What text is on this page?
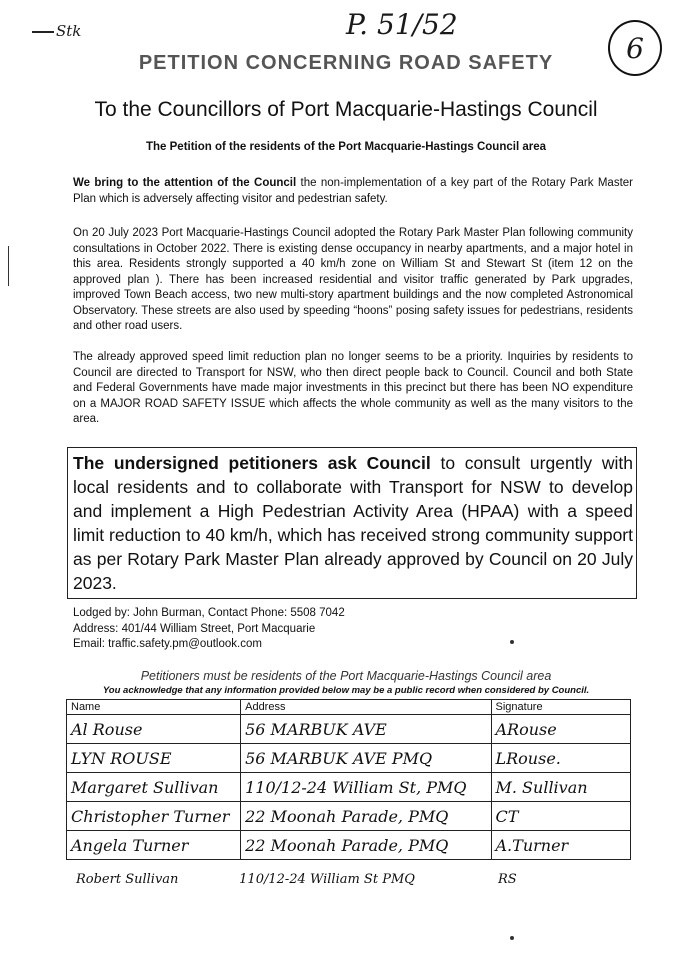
Stk	P. 51/52
6
PETITION CONCERNING ROAD SAFETY
To the Councillors of Port Macquarie-Hastings Council
The Petition of the residents of the Port Macquarie-Hastings Council area
We bring to the attention of the Council the non-implementation of a key part of the Rotary Park Master Plan which is adversely affecting visitor and pedestrian safety.
On 20 July 2023 Port Macquarie-Hastings Council adopted the Rotary Park Master Plan following community consultations in October 2022. There is existing dense occupancy in nearby apartments, and a major hotel in this area. Residents strongly supported a 40 km/h zone on William St and Stewart St (item 12 on the approved plan ). There has been increased residential and visitor traffic generated by Park upgrades, improved Town Beach access, two new multi-story apartment buildings and the now completed Astronomical Observatory. These streets are also used by speeding “hoons” posing safety issues for pedestrians, residents and other road users.
The already approved speed limit reduction plan no longer seems to be a priority. Inquiries by residents to Council are directed to Transport for NSW, who then direct people back to Council. Council and both State and Federal Governments have made major investments in this precinct but there has been NO expenditure on a MAJOR ROAD SAFETY ISSUE which affects the whole community as well as the many visitors to the area.
The undersigned petitioners ask Council to consult urgently with local residents and to collaborate with Transport for NSW to develop and implement a High Pedestrian Activity Area (HPAA) with a speed limit reduction to 40 km/h, which has received strong community support as per Rotary Park Master Plan already approved by Council on 20 July 2023.
Lodged by: John Burman, Contact Phone: 5508 7042
Address: 401/44 William Street, Port Macquarie
Email: traffic.safety.pm@outlook.com
Petitioners must be residents of the Port Macquarie-Hastings Council area
You acknowledge that any information provided below may be a public record when considered by Council.
Name	Address	Signature
Al Rouse	56 MARBUK AVE	ARouse
LYN ROUSE	56 MARBUK AVE PMQ	LRouse.
Margaret Sullivan	110/12-24 William St, PMQ	M. Sullivan
Christopher Turner	22 Moonah Parade, PMQ	CT
Angela Turner	22 Moonah Parade, PMQ	A.Turner
Robert Sullivan	110/12-24 William St PMQ	RS
